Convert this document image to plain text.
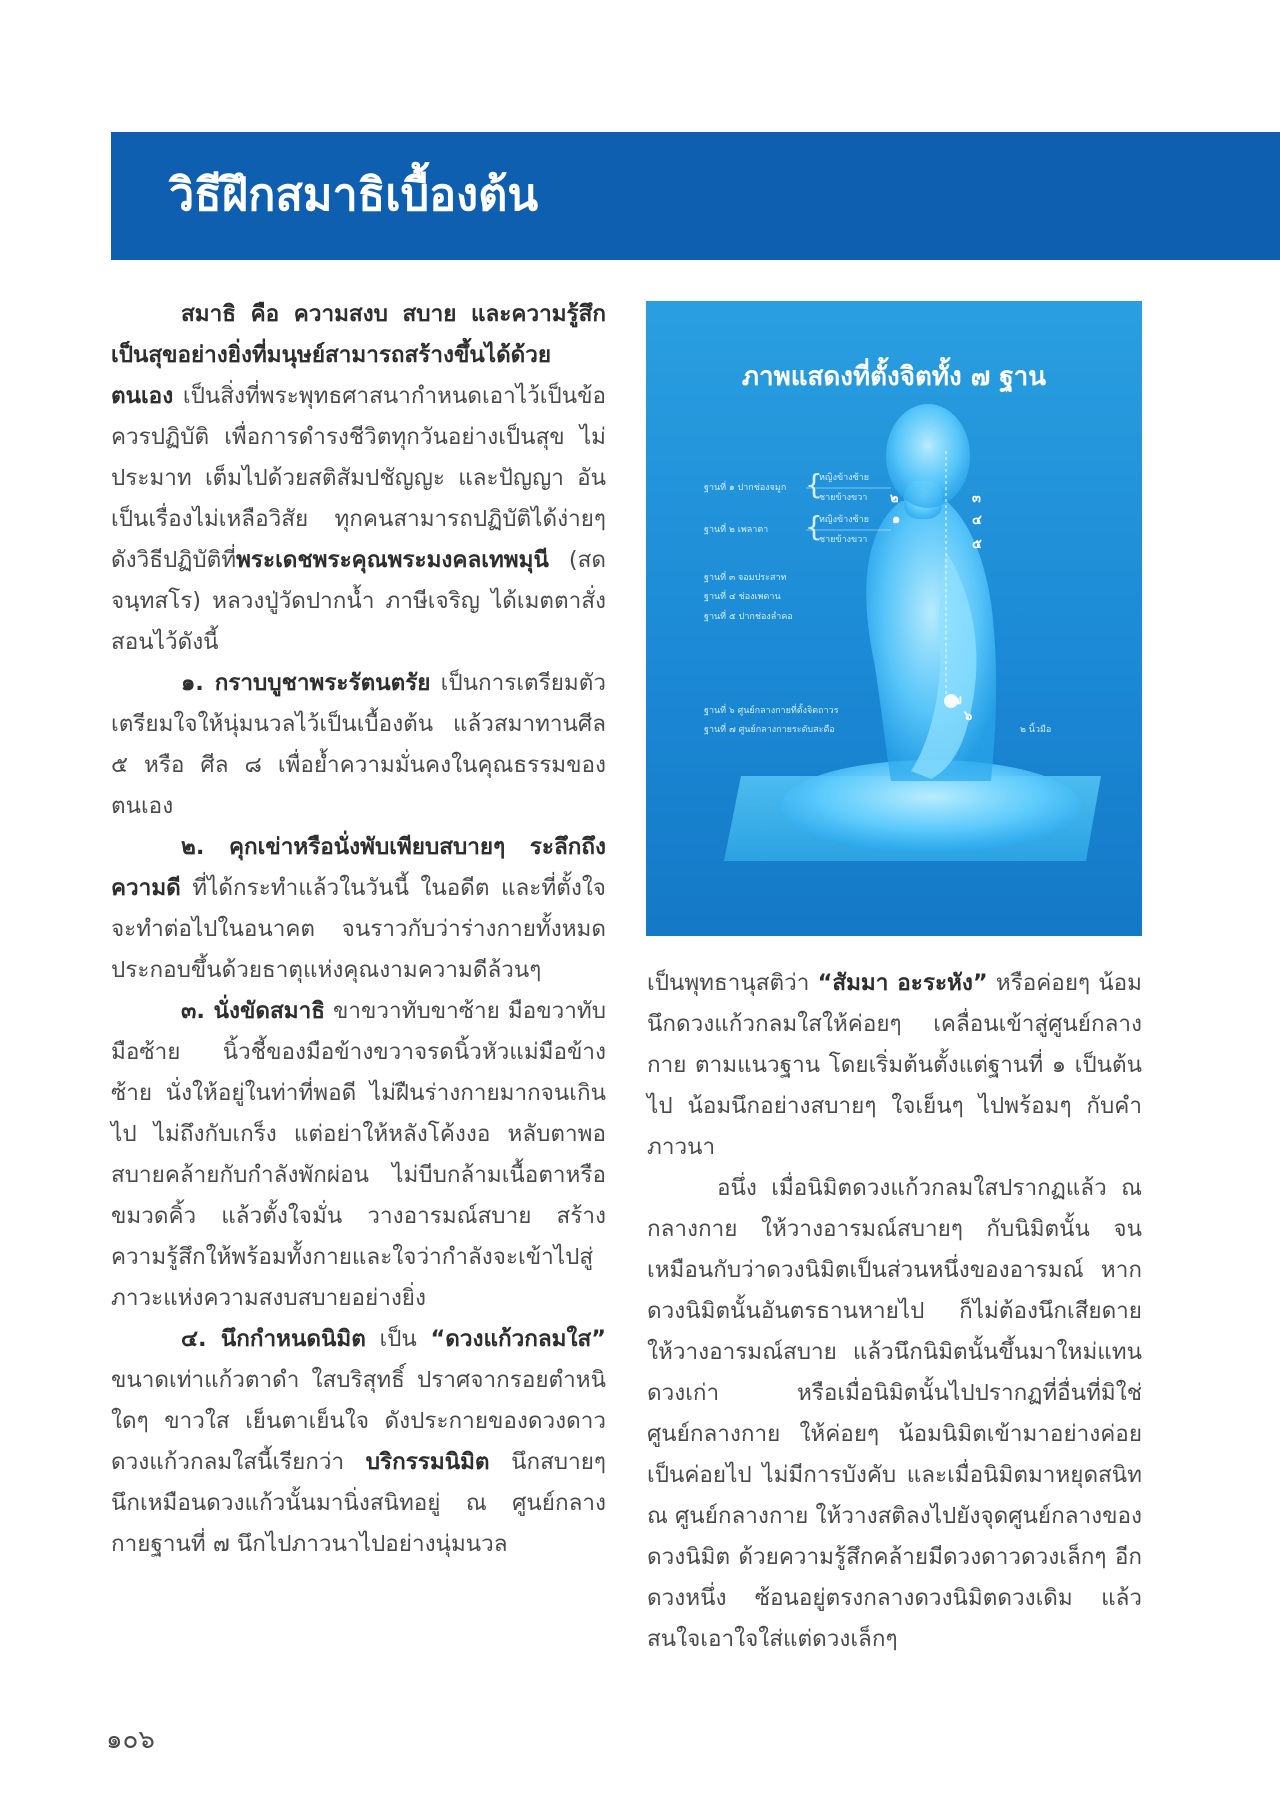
วิธีฝึกสมาธิเบื้องต้น

สมาธิ คือ ความสงบ สบาย และความรู้สึกเป็นสุขอย่างยิ่งที่มนุษย์สามารถสร้างขึ้นได้ด้วยตนเอง เป็นสิ่งที่พระพุทธศาสนากำหนดเอาไว้เป็นข้อควรปฏิบัติ เพื่อการดำรงชีวิตทุกวันอย่างเป็นสุข ไม่ประมาท เต็มไปด้วยสติสัมปชัญญะ และปัญญา อันเป็นเรื่องไม่เหลือวิสัย ทุกคนสามารถปฏิบัติได้ง่ายๆ ดังวิธีปฏิบัติที่พระเดชพระคุณพระมงคลเทพมุนี (สด จนฺทสโร) หลวงปู่วัดปากน้ำ ภาษีเจริญ ได้เมตตาสั่งสอนไว้ดังนี้

๑. กราบบูชาพระรัตนตรัย เป็นการเตรียมตัวเตรียมใจให้นุ่มนวลไว้เป็นเบื้องต้น แล้วสมาทานศีล ๕ หรือ ศีล ๘ เพื่อย้ำความมั่นคงในคุณธรรมของตนเอง

๒. คุกเข่าหรือนั่งพับเพียบสบายๆ ระลึกถึงความดี ที่ได้กระทำแล้วในวันนี้ ในอดีต และที่ตั้งใจจะทำต่อไปในอนาคต จนราวกับว่าร่างกายทั้งหมดประกอบขึ้นด้วยธาตุแห่งคุณงามความดีล้วนๆ

๓. นั่งขัดสมาธิ ขาขวาทับขาซ้าย มือขวาทับมือซ้าย นิ้วชี้ของมือข้างขวาจรดนิ้วหัวแม่มือข้างซ้าย นั่งให้อยู่ในท่าที่พอดี ไม่ฝืนร่างกายมากจนเกินไป ไม่ถึงกับเกร็ง แต่อย่าให้หลังโค้งงอ หลับตาพอสบายคล้ายกับกำลังพักผ่อน ไม่บีบกล้ามเนื้อตาหรือขมวดคิ้ว แล้วตั้งใจมั่น วางอารมณ์สบาย สร้างความรู้สึกให้พร้อมทั้งกายและใจว่ากำลังจะเข้าไปสู่ภาวะแห่งความสงบสบายอย่างยิ่ง

๔. นึกกำหนดนิมิต เป็น “ดวงแก้วกลมใส” ขนาดเท่าแก้วตาดำ ใสบริสุทธิ์ ปราศจากรอยตำหนิใดๆ ขาวใส เย็นตาเย็นใจ ดังประกายของดวงดาว ดวงแก้วกลมใสนี้เรียกว่า บริกรรมนิมิต นึกสบายๆ นึกเหมือนดวงแก้วนั้นมานิ่งสนิทอยู่ ณ ศูนย์กลางกายฐานที่ ๗ นึกไปภาวนาไปอย่างนุ่มนวล

ภาพแสดงที่ตั้งจิตทั้ง ๗ ฐาน
ฐานที่ ๑ ปากช่องจมูก {
หญิงข้างซ้าย
ชายข้างขวา
ฐานที่ ๒ เพลาตา {
หญิงข้างซ้าย
ชายข้างขวา
ฐานที่ ๓ จอมประสาท
ฐานที่ ๔ ช่องเพดาน
ฐานที่ ๕ ปากช่องลำคอ
ฐานที่ ๖ ศูนย์กลางกายที่ตั้งจิตถาวร
ฐานที่ ๗ ศูนย์กลางกายระดับสะดือ	๒ นิ้วมือ
๒
๑
๓
๔
๕
๖
๗

เป็นพุทธานุสติว่า “สัมมา อะระหัง” หรือค่อยๆ น้อมนึกดวงแก้วกลมใสให้ค่อยๆ เคลื่อนเข้าสู่ศูนย์กลางกาย ตามแนวฐาน โดยเริ่มต้นตั้งแต่ฐานที่ ๑ เป็นต้นไป น้อมนึกอย่างสบายๆ ใจเย็นๆ ไปพร้อมๆ กับคำภาวนา

อนึ่ง เมื่อนิมิตดวงแก้วกลมใสปรากฏแล้ว ณ กลางกาย ให้วางอารมณ์สบายๆ กับนิมิตนั้น จนเหมือนกับว่าดวงนิมิตเป็นส่วนหนึ่งของอารมณ์ หากดวงนิมิตนั้นอันตรธานหายไป ก็ไม่ต้องนึกเสียดาย ให้วางอารมณ์สบาย แล้วนึกนิมิตนั้นขึ้นมาใหม่แทนดวงเก่า หรือเมื่อนิมิตนั้นไปปรากฏที่อื่นที่มิใช่ศูนย์กลางกาย ให้ค่อยๆ น้อมนิมิตเข้ามาอย่างค่อยเป็นค่อยไป ไม่มีการบังคับ และเมื่อนิมิตมาหยุดสนิท ณ ศูนย์กลางกาย ให้วางสติลงไปยังจุดศูนย์กลางของดวงนิมิต ด้วยความรู้สึกคล้ายมีดวงดาวดวงเล็กๆ อีกดวงหนึ่ง ซ้อนอยู่ตรงกลางดวงนิมิตดวงเดิม แล้วสนใจเอาใจใส่แต่ดวงเล็กๆ

๑๐๖
